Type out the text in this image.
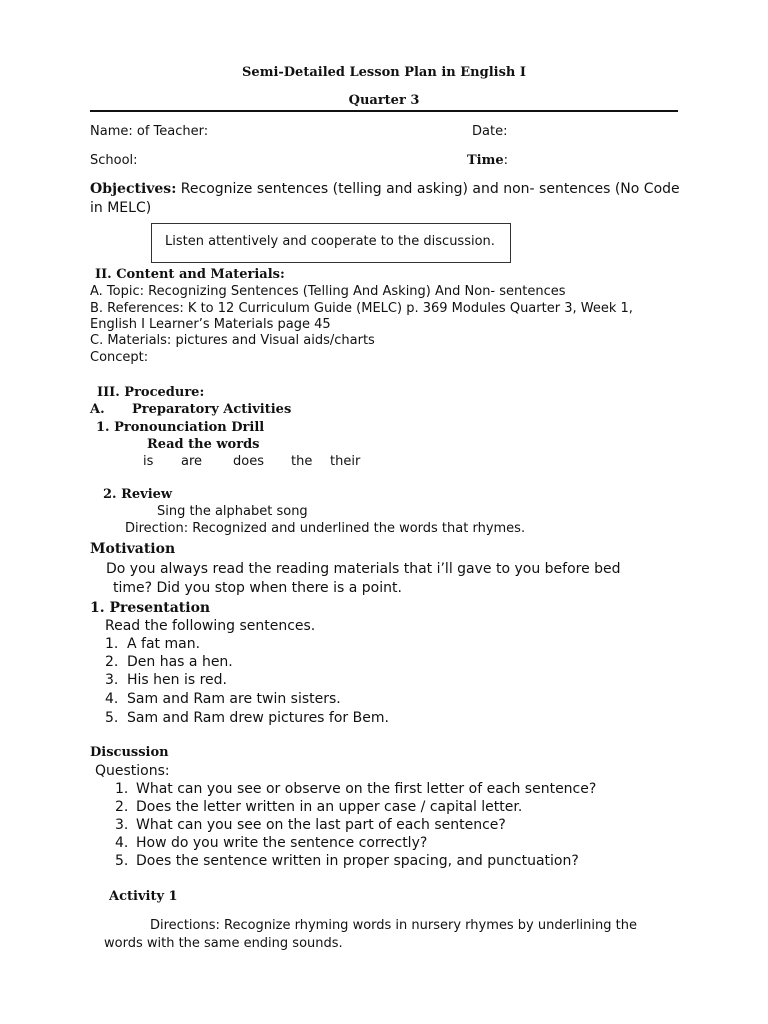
Semi-Detailed Lesson Plan in English I
Quarter 3
Name: of Teacher:	Date:
School:	Time:
Objectives: Recognize sentences (telling and asking) and non- sentences (No Code
in MELC)
Listen attentively and cooperate to the discussion.
II. Content and Materials:
A. Topic: Recognizing Sentences (Telling And Asking) And Non- sentences
B. References: K to 12 Curriculum Guide (MELC) p. 369 Modules Quarter 3, Week 1,
English I Learner’s Materials page 45
C. Materials: pictures and Visual aids/charts
Concept:
III. Procedure:
A. Preparatory Activities
1. Pronounciation Drill
Read the words
is are does the their
2. Review
Sing the alphabet song
Direction: Recognized and underlined the words that rhymes.
Motivation
Do you always read the reading materials that i’ll gave to you before bed
time? Did you stop when there is a point.
1. Presentation
Read the following sentences.
1. A fat man.
2. Den has a hen.
3. His hen is red.
4. Sam and Ram are twin sisters.
5. Sam and Ram drew pictures for Bem.
Discussion
Questions:
1. What can you see or observe on the first letter of each sentence?
2. Does the letter written in an upper case / capital letter.
3. What can you see on the last part of each sentence?
4. How do you write the sentence correctly?
5. Does the sentence written in proper spacing, and punctuation?
Activity 1
Directions: Recognize rhyming words in nursery rhymes by underlining the
words with the same ending sounds.
